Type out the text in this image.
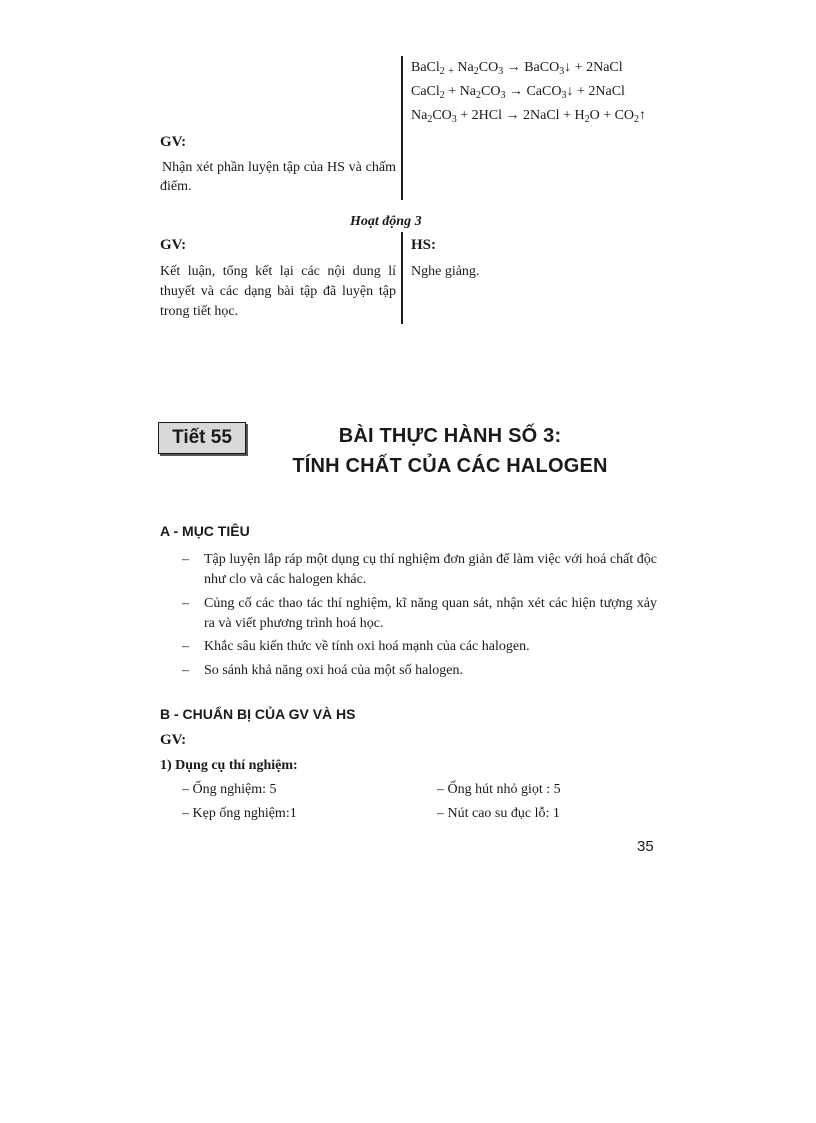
BaCl$_2$ $_+$ $Na_2CO_3$ → BaCO$_3$↓ + 2NaCl
CaCl$_2$ + $Na_2CO_3$ → CaCO$_3$↓ + 2NaCl
$Na_2CO_3 + 2HCl$ → 2NaCl + $H_2O$ + $CO_2↑$
GV:
Nhận xét phần luyện tập của HS và chấm điểm.
Hoạt động 3
GV:
Kết luận, tổng kết lại các nội dung lí thuyết và các dạng bài tập đã luyện tập trong tiết học.
HS:
Nghe giảng.
Tiết 55	BÀI THỰC HÀNH SỐ 3:
TÍNH CHẤT CỦA CÁC HALOGEN
A - MỤC TIÊU
– Tập luyện lắp ráp một dụng cụ thí nghiệm đơn giản để làm việc với hoá chất độc như clo và các halogen khác.
– Củng cố các thao tác thí nghiệm, kĩ năng quan sát, nhận xét các hiện tượng xảy ra và viết phương trình hoá học.
– Khắc sâu kiến thức về tính oxi hoá mạnh của các halogen.
– So sánh khả năng oxi hoá của một số halogen.
B - CHUẨN BỊ CỦA GV VÀ HS
GV:
1) Dụng cụ thí nghiệm:
– Ống nghiệm: 5	– Ống hút nhỏ giọt : 5
– Kẹp ống nghiệm:1	– Nút cao su đục lỗ: 1
35
